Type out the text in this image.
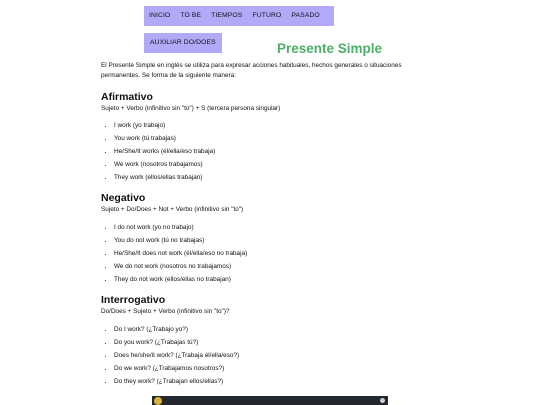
INICIO	TO BE	TIEMPOS	FUTURO	PASADO
AUXILIAR DO/DOES	Presente Simple

El Presente Simple en inglés se utiliza para expresar acciones habituales, hechos generales o situaciones permanentes. Se forma de la siguiente manera:

Afirmativo

Sujeto + Verbo (infinitivo sin "to") + S (tercera persona singular)

• I work (yo trabajo)
• You work (tú trabajas)
• He/She/It works (él/ella/eso trabaja)
• We work (nosotros trabajamos)
• They work (ellos/ellas trabajan)
Negativo

Sujeto + Do/Does + Not + Verbo (infinitivo sin "to")

• I do not work (yo no trabajo)
• You do not work (tú no trabajas)
• He/She/It does not work (él/ella/eso no trabaja)
• We do not work (nosotros no trabajamos)
• They do not work (ellos/ellas no trabajan)
Interrogativo

Do/Does + Sujeto + Verbo (infinitivo sin "to")?

• Do I work? (¿Trabajo yo?)
• Do you work? (¿Trabajas tú?)
• Does he/she/it work? (¿Trabaja él/ella/eso?)
• Do we work? (¿Trabajamos nosotros?)
• Do they work? (¿Trabajan ellos/ellas?)
